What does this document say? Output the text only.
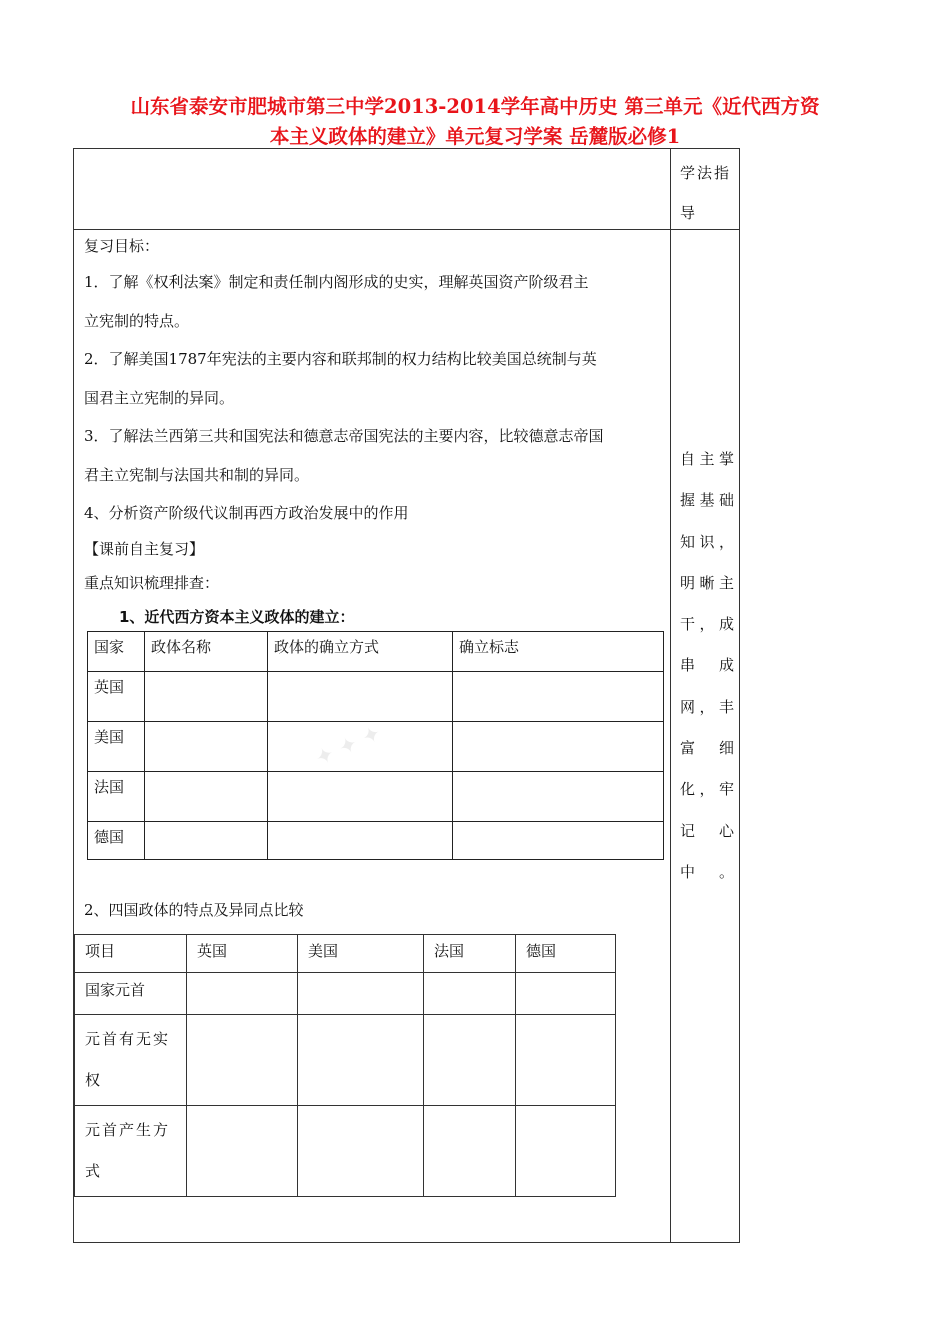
山东省泰安市肥城市第三中学2013-2014学年高中历史 第三单元《近代西方资
本主义政体的建立》单元复习学案 岳麓版必修1
学法指
导
自主掌握基础知识，明晰主干，成串成网，丰富细化，牢记心中。
复习目标：
1．了解《权利法案》制定和责任制内阁形成的史实，理解英国资产阶级君主
立宪制的特点。
2．了解美国1787年宪法的主要内容和联邦制的权力结构比较美国总统制与英
国君主立宪制的异同。
3．了解法兰西第三共和国宪法和德意志帝国宪法的主要内容，比较德意志帝国
君主立宪制与法国共和制的异同。
4、分析资产阶级代议制再西方政治发展中的作用
【课前自主复习】
重点知识梳理排查：
1、近代西方资本主义政体的建立：
国家	政体名称	政体的确立方式	确立标志
英国			
美国			
法国			
德国			
✦ ✦ ✦
2、四国政体的特点及异同点比较
项目	英国	美国	法国	德国
国家元首				
元首有无实权				
元首产生方式				
